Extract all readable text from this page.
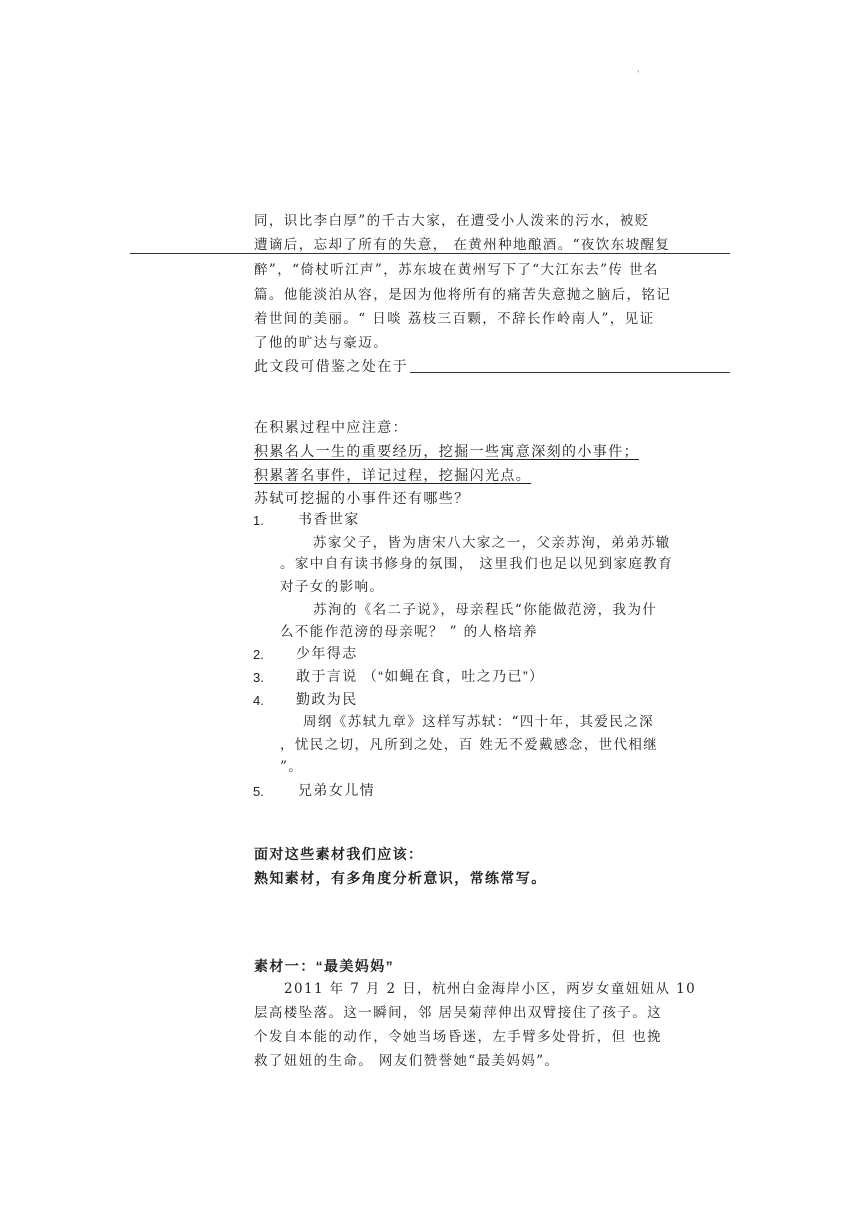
'
同，识比李白厚”的千古大家，在遭受小人泼来的污水，被贬
遭谪后，忘却了所有的失意， 在黄州种地酿酒。“夜饮东坡醒复
醉”，“倚杖听江声”，苏东坡在黄州写下了“大江东去”传 世名
篇。他能淡泊从容，是因为他将所有的痛苦失意抛之脑后，铭记
着世间的美丽。“ 日啖 荔枝三百颗，不辞长作岭南人”，见证
了他的旷达与豪迈。
此文段可借鉴之处在于
在积累过程中应注意：
积累名人一生的重要经历，挖掘一些寓意深刻的小事件；
积累著名事件，详记过程，挖掘闪光点。
苏轼可挖掘的小事件还有哪些？
1. 书香世家
苏家父子，皆为唐宋八大家之一，父亲苏洵，弟弟苏辙
。家中自有读书修身的氛围， 这里我们也足以见到家庭教育
对子女的影响。
苏洵的《名二子说》，母亲程氏“你能做范滂，我为什
么不能作范滂的母亲呢？ ” 的人格培养
2. 少年得志
3. 敢于言说 （“如蝇在食，吐之乃已”）
4. 勤政为民
周纲《苏轼九章》这样写苏轼：“四十年，其爱民之深
，忧民之切，凡所到之处，百 姓无不爱戴感念，世代相继
”。
5. 兄弟女儿情
面对这些素材我们应该：
熟知素材，有多角度分析意识，常练常写。
素材一：“最美妈妈”
2011 年 7 月 2 日，杭州白金海岸小区，两岁女童妞妞从 10
层高楼坠落。这一瞬间，邻 居吴菊萍伸出双臂接住了孩子。这
个发自本能的动作，令她当场昏迷，左手臂多处骨折，但 也挽
救了妞妞的生命。 网友们赞誉她“最美妈妈”。
